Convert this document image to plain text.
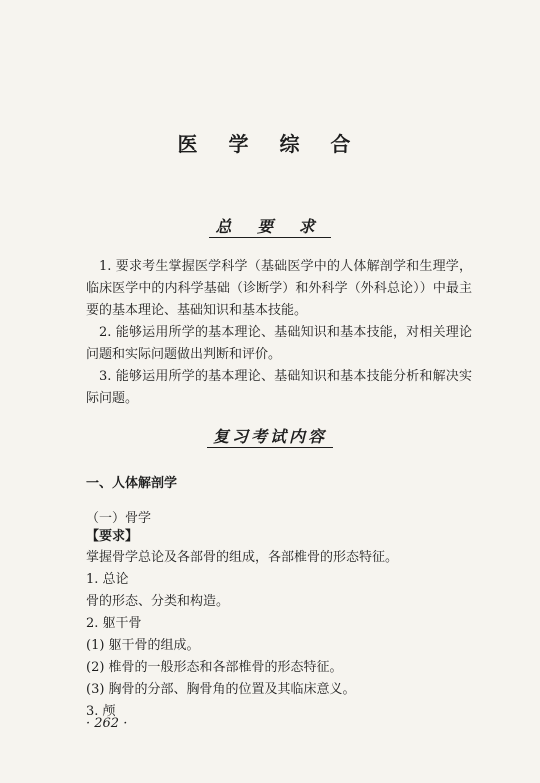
医 学 综 合
总 要 求

1. 要求考生掌握医学科学（基础医学中的人体解剖学和生理学，临床医学中的内科学基础（诊断学）和外科学（外科总论））中最主要的基本理论、基础知识和基本技能。

2. 能够运用所学的基本理论、基础知识和基本技能，对相关理论问题和实际问题做出判断和评价。

3. 能够运用所学的基本理论、基础知识和基本技能分析和解决实际问题。

复习考试内容
一、人体解剖学
（一）骨学
【要求】
掌握骨学总论及各部骨的组成，各部椎骨的形态特征。
1. 总论
骨的形态、分类和构造。
2. 躯干骨
(1) 躯干骨的组成。
(2) 椎骨的一般形态和各部椎骨的形态特征。
(3) 胸骨的分部、胸骨角的位置及其临床意义。
3. 颅
· 262 ·
